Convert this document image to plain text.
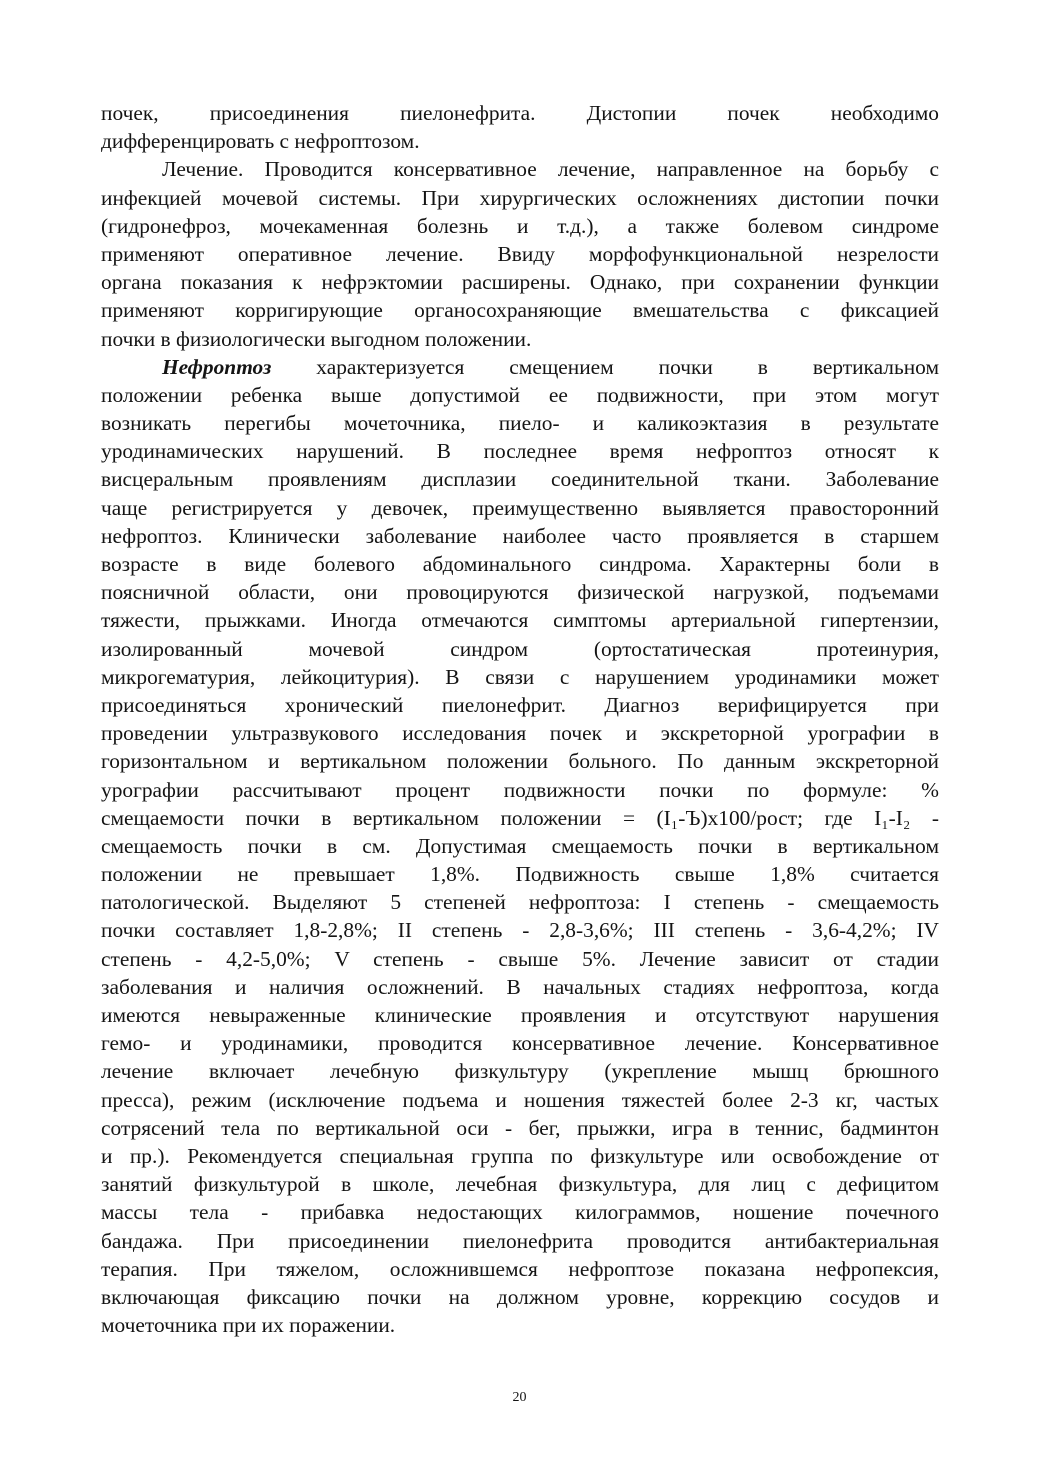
почек, присоединения пиелонефрита. Дистопии почек необходимо
дифференцировать с нефроптозом.
Лечение. Проводится консервативное лечение, направленное на борьбу с
инфекцией мочевой системы. При хирургических осложнениях дистопии почки
(гидронефроз, мочекаменная болезнь и т.д.), а также болевом синдроме
применяют оперативное лечение. Ввиду морфофункциональной незрелости
органа показания к нефрэктомии расширены. Однако, при сохранении функции
применяют корригирующие органосохраняющие вмешательства с фиксацией
почки в физиологически выгодном положении.
Нефроптоз характеризуется смещением почки в вертикальном
положении ребенка выше допустимой ее подвижности, при этом могут
возникать перегибы мочеточника, пиело- и каликоэктазия в результате
уродинамических нарушений. В последнее время нефроптоз относят к
висцеральным проявлениям дисплазии соединительной ткани. Заболевание
чаще регистрируется у девочек, преимущественно выявляется правосторонний
нефроптоз. Клинически заболевание наиболее часто проявляется в старшем
возрасте в виде болевого абдоминального синдрома. Характерны боли в
поясничной области, они провоцируются физической нагрузкой, подъемами
тяжести, прыжками. Иногда отмечаются симптомы артериальной гипертензии,
изолированный мочевой синдром (ортостатическая протеинурия,
микрогематурия, лейкоцитурия). В связи с нарушением уродинамики может
присоединяться хронический пиелонефрит. Диагноз верифицируется при
проведении ультразвукового исследования почек и экскреторной урографии в
горизонтальном и вертикальном положении больного. По данным экскреторной
урографии рассчитывают процент подвижности почки по формуле: %
смещаемости почки в вертикальном положении = (I₁-Ъ)x100/рост; где I₁-I₂ -
смещаемость почки в см. Допустимая смещаемость почки в вертикальном
положении не превышает 1,8%. Подвижность свыше 1,8% считается
патологической. Выделяют 5 степеней нефроптоза: I степень - смещаемость
почки составляет 1,8-2,8%; II степень - 2,8-3,6%; III степень - 3,6-4,2%; IV
степень - 4,2-5,0%; V степень - свыше 5%. Лечение зависит от стадии
заболевания и наличия осложнений. В начальных стадиях нефроптоза, когда
имеются невыраженные клинические проявления и отсутствуют нарушения
гемо- и уродинамики, проводится консервативное лечение. Консервативное
лечение включает лечебную физкультуру (укрепление мышц брюшного
пресса), режим (исключение подъема и ношения тяжестей более 2-3 кг, частых
сотрясений тела по вертикальной оси - бег, прыжки, игра в теннис, бадминтон
и пр.). Рекомендуется специальная группа по физкультуре или освобождение от
занятий физкультурой в школе, лечебная физкультура, для лиц с дефицитом
массы тела - прибавка недостающих килограммов, ношение почечного
бандажа. При присоединении пиелонефрита проводится антибактериальная
терапия. При тяжелом, осложнившемся нефроптозе показана нефропексия,
включающая фиксацию почки на должном уровне, коррекцию сосудов и
мочеточника при их поражении.
20
